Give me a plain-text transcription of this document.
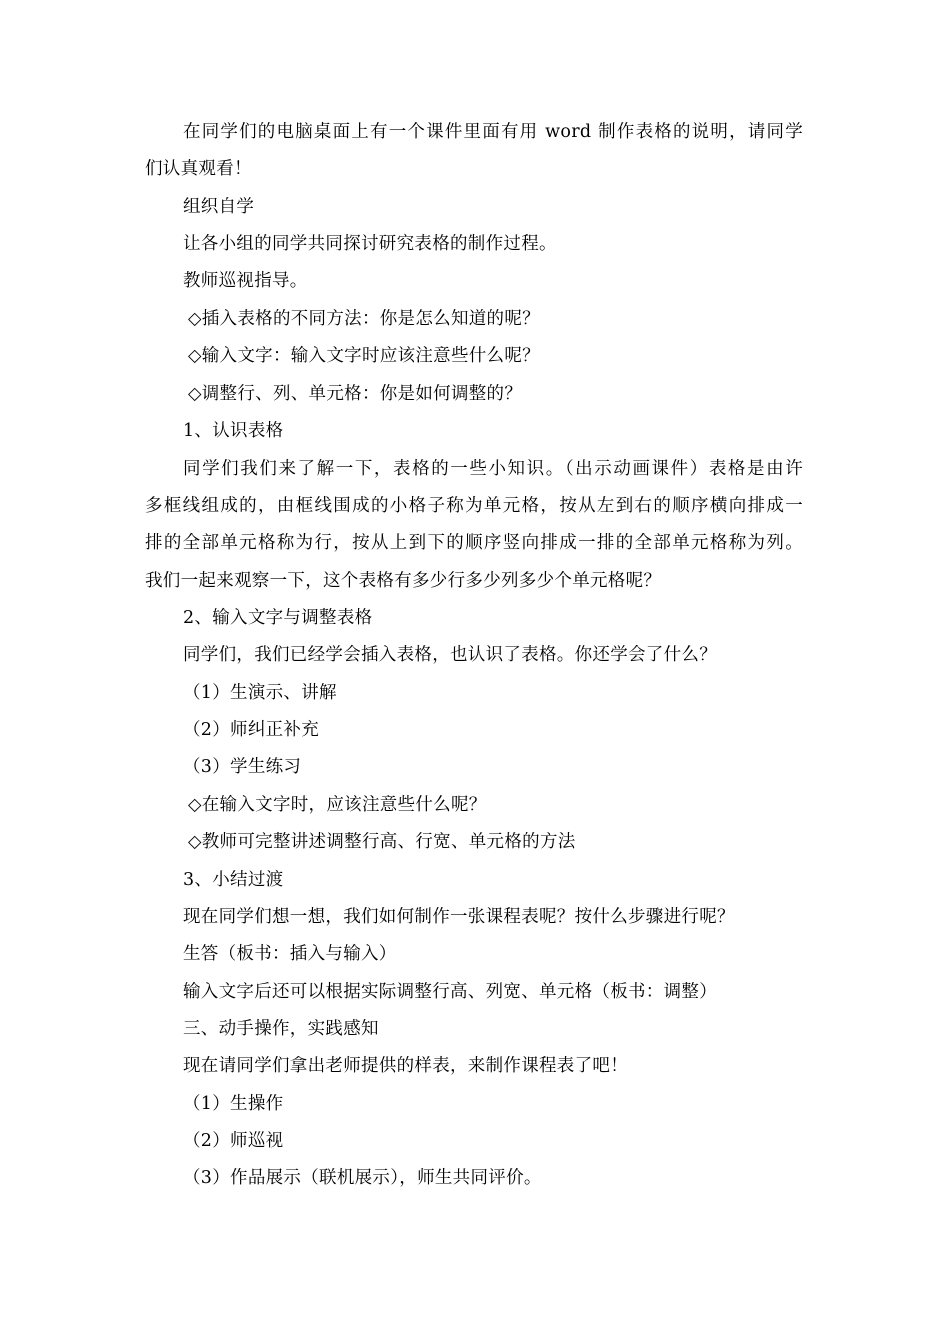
在同学们的电脑桌面上有一个课件里面有用 word 制作表格的说明，请同学
们认真观看！
组织自学
让各小组的同学共同探讨研究表格的制作过程。
教师巡视指导。
◇插入表格的不同方法：你是怎么知道的呢？
◇输入文字：输入文字时应该注意些什么呢？
◇调整行、列、单元格：你是如何调整的？
1、认识表格
同学们我们来了解一下，表格的一些小知识。（出示动画课件）表格是由许
多框线组成的，由框线围成的小格子称为单元格，按从左到右的顺序横向排成一
排的全部单元格称为行，按从上到下的顺序竖向排成一排的全部单元格称为列。
我们一起来观察一下，这个表格有多少行多少列多少个单元格呢？
2、输入文字与调整表格
同学们，我们已经学会插入表格，也认识了表格。你还学会了什么？
（1）生演示、讲解
（2）师纠正补充
（3）学生练习
◇在输入文字时，应该注意些什么呢？
◇教师可完整讲述调整行高、行宽、单元格的方法
3、小结过渡
现在同学们想一想，我们如何制作一张课程表呢？按什么步骤进行呢？
生答（板书：插入与输入）
输入文字后还可以根据实际调整行高、列宽、单元格（板书：调整）
三、动手操作，实践感知
现在请同学们拿出老师提供的样表，来制作课程表了吧！
（1）生操作
（2）师巡视
（3）作品展示（联机展示），师生共同评价。
